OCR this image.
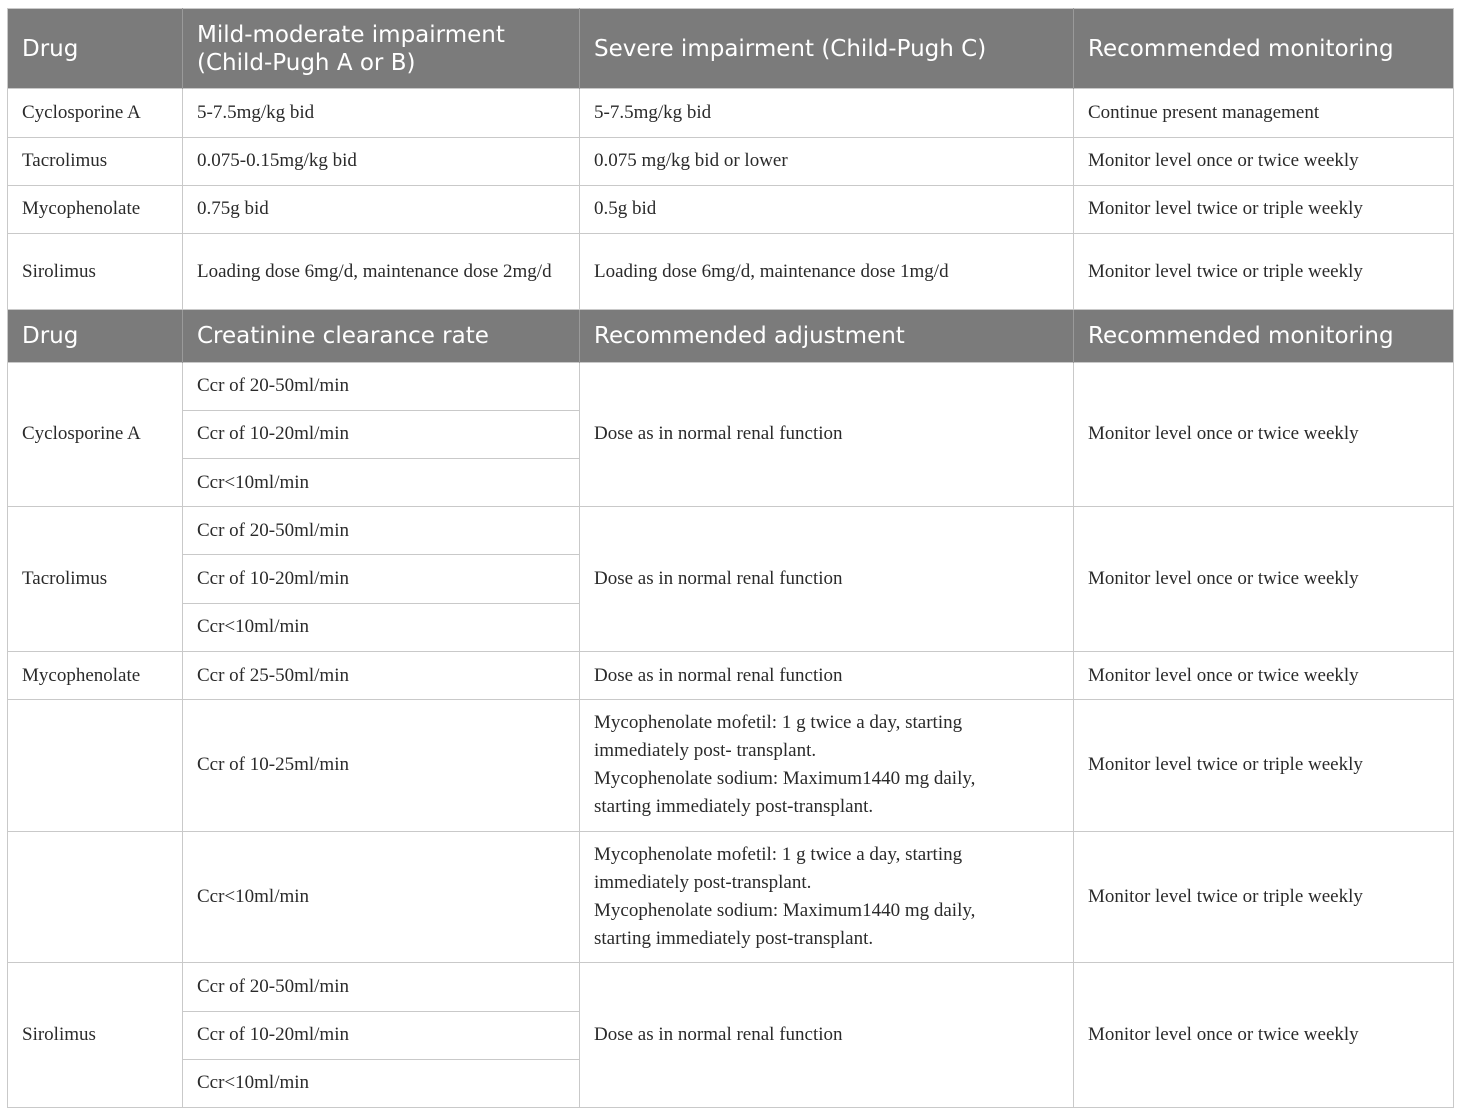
Drug	Mild-moderate impairment (Child-Pugh A or B)	Severe impairment (Child-Pugh C)	Recommended monitoring
Cyclosporine A	5-7.5mg/kg bid	5-7.5mg/kg bid	Continue present management
Tacrolimus	0.075-0.15mg/kg bid	0.075 mg/kg bid or lower	Monitor level once or twice weekly
Mycophenolate	0.75g bid	0.5g bid	Monitor level twice or triple weekly
Sirolimus	Loading dose 6mg/d, maintenance dose 2mg/d	Loading dose 6mg/d, maintenance dose 1mg/d	Monitor level twice or triple weekly
Drug	Creatinine clearance rate	Recommended adjustment	Recommended monitoring
Cyclosporine A	Ccr of 20-50ml/min	Dose as in normal renal function	Monitor level once or twice weekly
	Ccr of 10-20ml/min		
	Ccr<10ml/min		
Tacrolimus	Ccr of 20-50ml/min	Dose as in normal renal function	Monitor level once or twice weekly
	Ccr of 10-20ml/min		
	Ccr<10ml/min		
Mycophenolate	Ccr of 25-50ml/min	Dose as in normal renal function	Monitor level once or twice weekly
	Ccr of 10-25ml/min	Mycophenolate mofetil: 1 g twice a day, starting
immediately post- transplant.
Mycophenolate sodium: Maximum1440 mg daily,
starting immediately post-transplant.	Monitor level twice or triple weekly
	Ccr<10ml/min	Mycophenolate mofetil: 1 g twice a day, starting
immediately post-transplant.
Mycophenolate sodium: Maximum1440 mg daily,
starting immediately post-transplant.	Monitor level twice or triple weekly
Sirolimus	Ccr of 20-50ml/min	Dose as in normal renal function	Monitor level once or twice weekly
	Ccr of 10-20ml/min		
	Ccr<10ml/min		
